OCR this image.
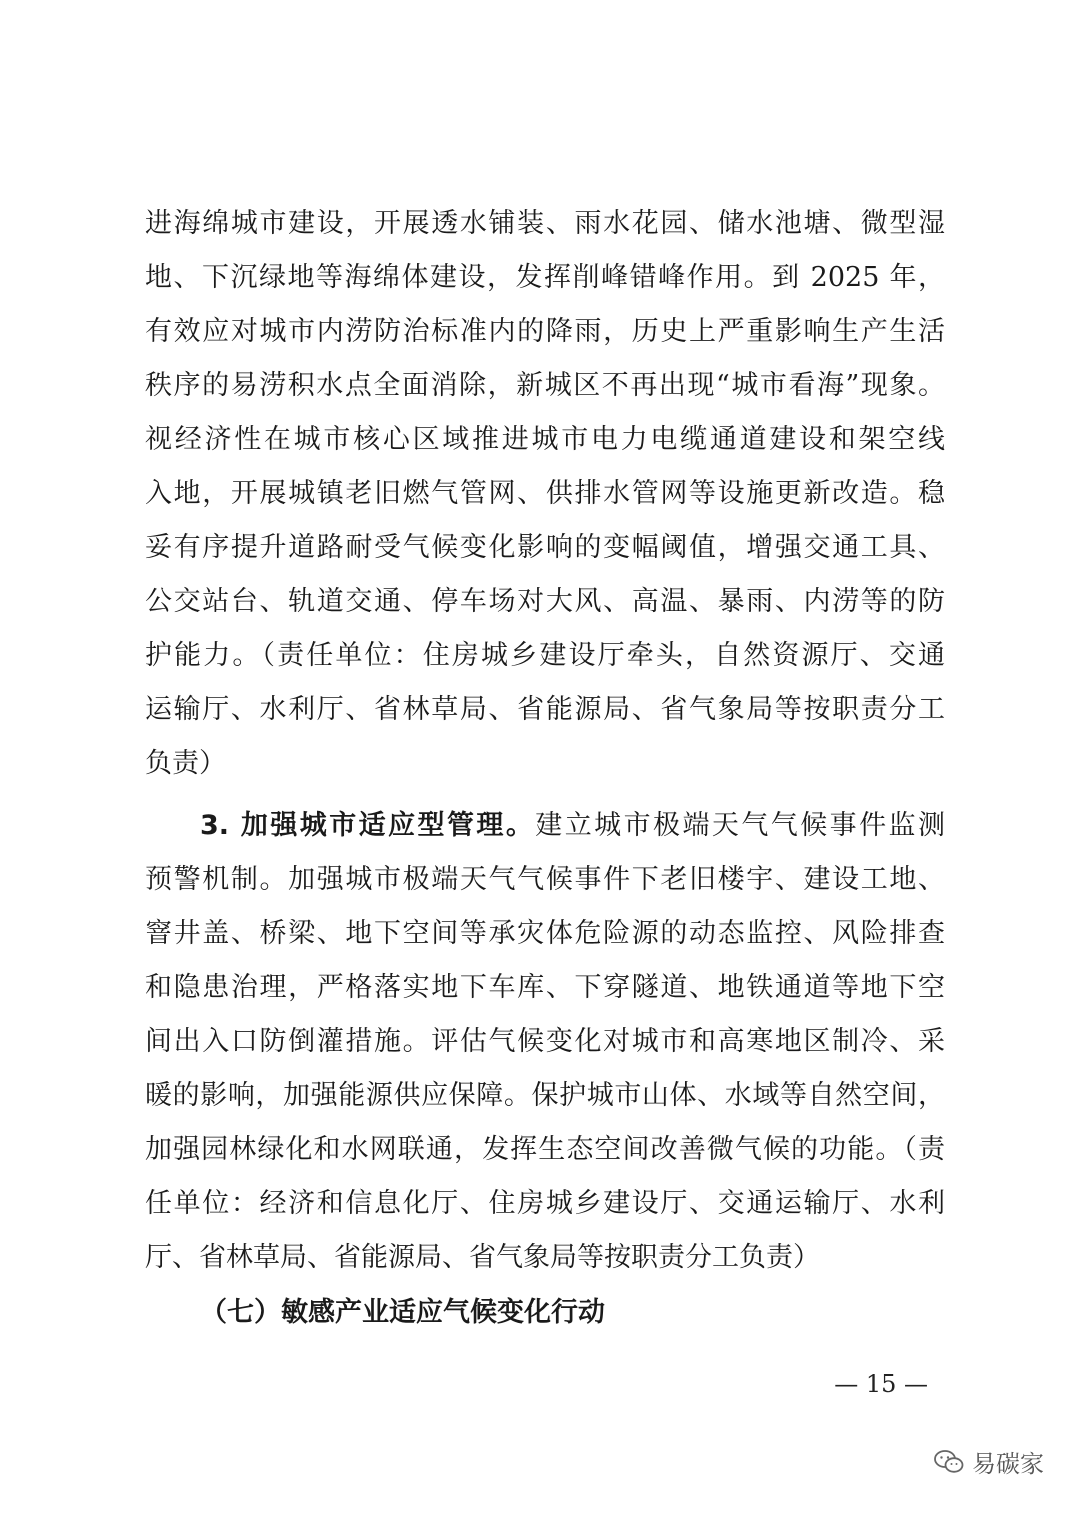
进海绵城市建设，开展透水铺装、雨水花园、储水池塘、微型湿
地、下沉绿地等海绵体建设，发挥削峰错峰作用。到 2025 年，
有效应对城市内涝防治标准内的降雨，历史上严重影响生产生活
秩序的易涝积水点全面消除，新城区不再出现“城市看海”现象。
视经济性在城市核心区域推进城市电力电缆通道建设和架空线
入地，开展城镇老旧燃气管网、供排水管网等设施更新改造。稳
妥有序提升道路耐受气候变化影响的变幅阈值，增强交通工具、
公交站台、轨道交通、停车场对大风、高温、暴雨、内涝等的防
护能力。（责任单位：住房城乡建设厅牵头，自然资源厅、交通
运输厅、水利厅、省林草局、省能源局、省气象局等按职责分工
负责）
3. 加强城市适应型管理。建立城市极端天气气候事件监测
预警机制。加强城市极端天气气候事件下老旧楼宇、建设工地、
窨井盖、桥梁、地下空间等承灾体危险源的动态监控、风险排查
和隐患治理，严格落实地下车库、下穿隧道、地铁通道等地下空
间出入口防倒灌措施。评估气候变化对城市和高寒地区制冷、采
暖的影响，加强能源供应保障。保护城市山体、水域等自然空间，
加强园林绿化和水网联通，发挥生态空间改善微气候的功能。（责
任单位：经济和信息化厅、住房城乡建设厅、交通运输厅、水利
厅、省林草局、省能源局、省气象局等按职责分工负责）
（七）敏感产业适应气候变化行动
— 15 —
易碳家
